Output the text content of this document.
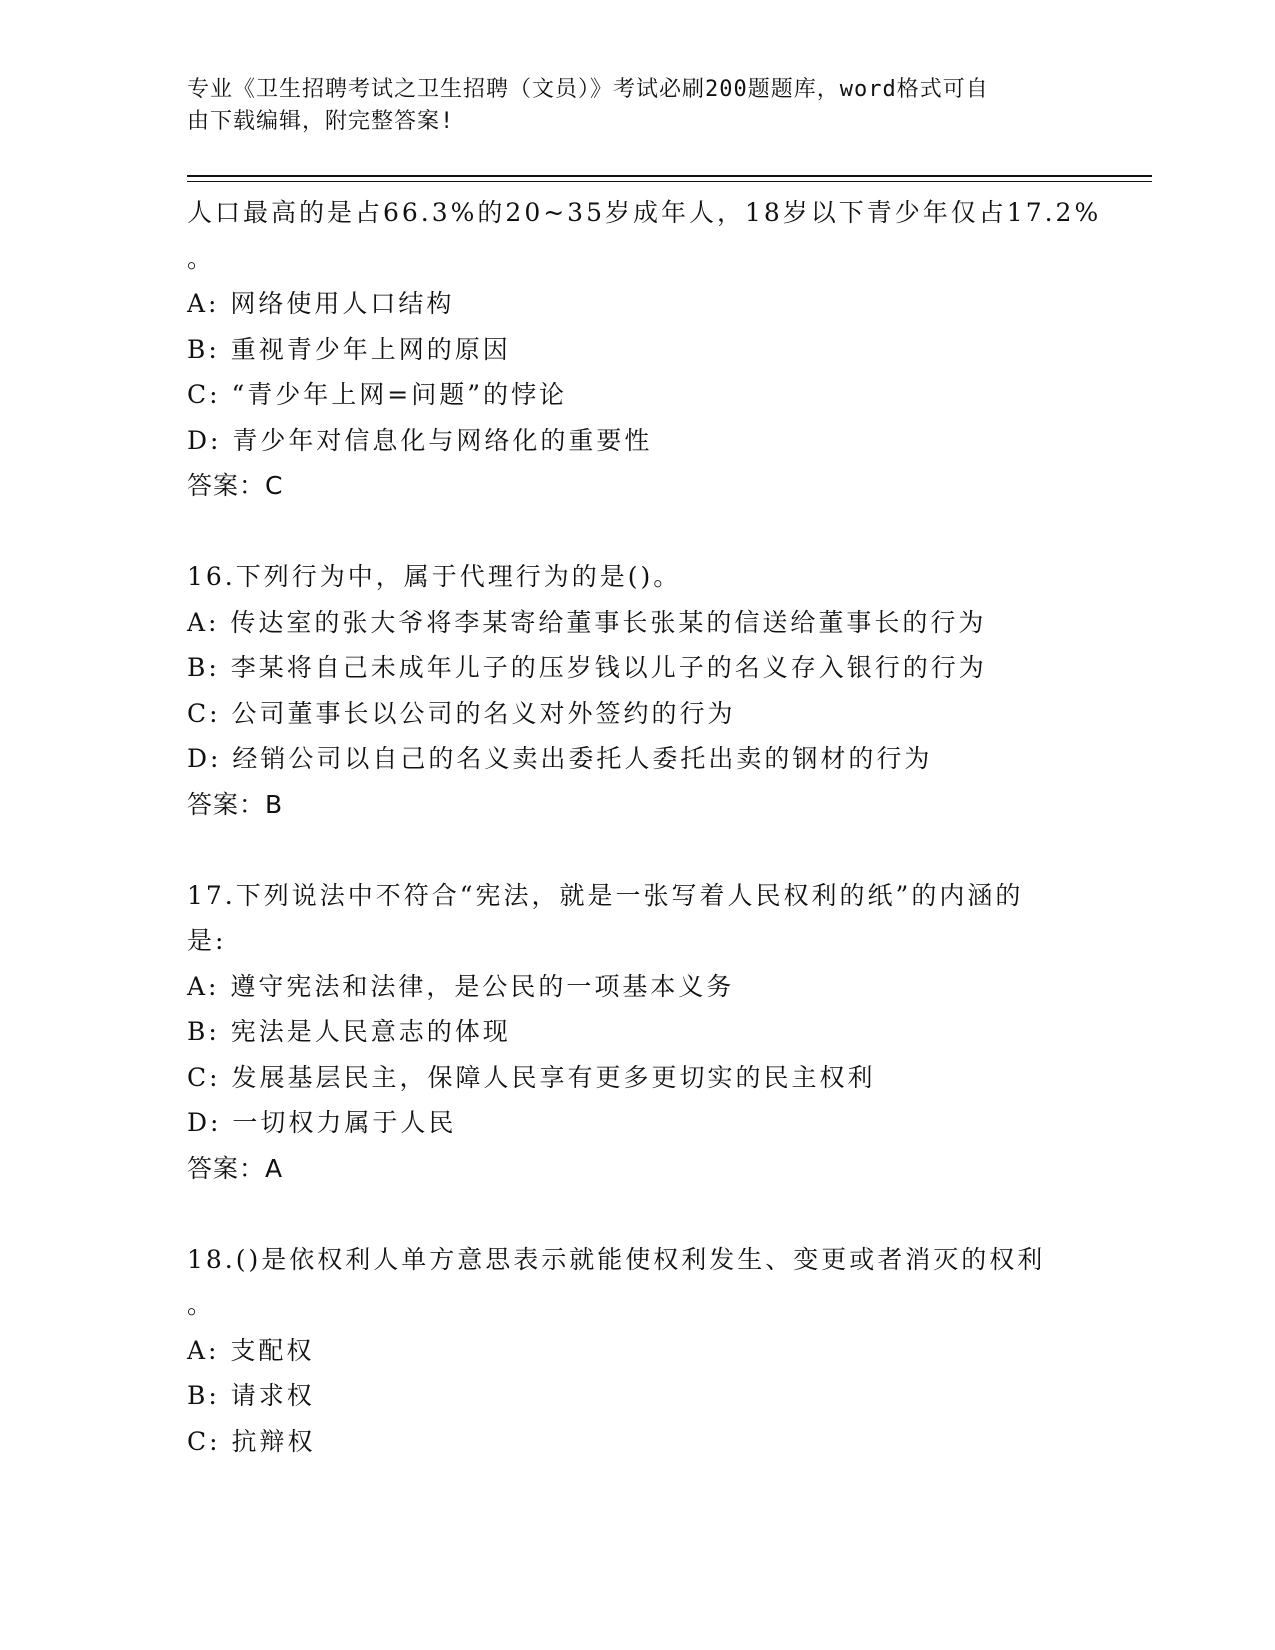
专业《卫生招聘考试之卫生招聘（文员）》考试必刷200题题库，word格式可自
由下载编辑，附完整答案!
人口最高的是占66.3%的20~35岁成年人，18岁以下青少年仅占17.2%
。
A: 网络使用人口结构
B: 重视青少年上网的原因
C: “青少年上网=问题”的悖论
D: 青少年对信息化与网络化的重要性
答案：C
16.下列行为中，属于代理行为的是()。
A: 传达室的张大爷将李某寄给董事长张某的信送给董事长的行为
B: 李某将自己未成年儿子的压岁钱以儿子的名义存入银行的行为
C: 公司董事长以公司的名义对外签约的行为
D: 经销公司以自己的名义卖出委托人委托出卖的钢材的行为
答案：B
17.下列说法中不符合“宪法，就是一张写着人民权利的纸”的内涵的
是:
A: 遵守宪法和法律，是公民的一项基本义务
B: 宪法是人民意志的体现
C: 发展基层民主，保障人民享有更多更切实的民主权利
D: 一切权力属于人民
答案：A
18.()是依权利人单方意思表示就能使权利发生、变更或者消灭的权利
。
A: 支配权
B: 请求权
C: 抗辩权
